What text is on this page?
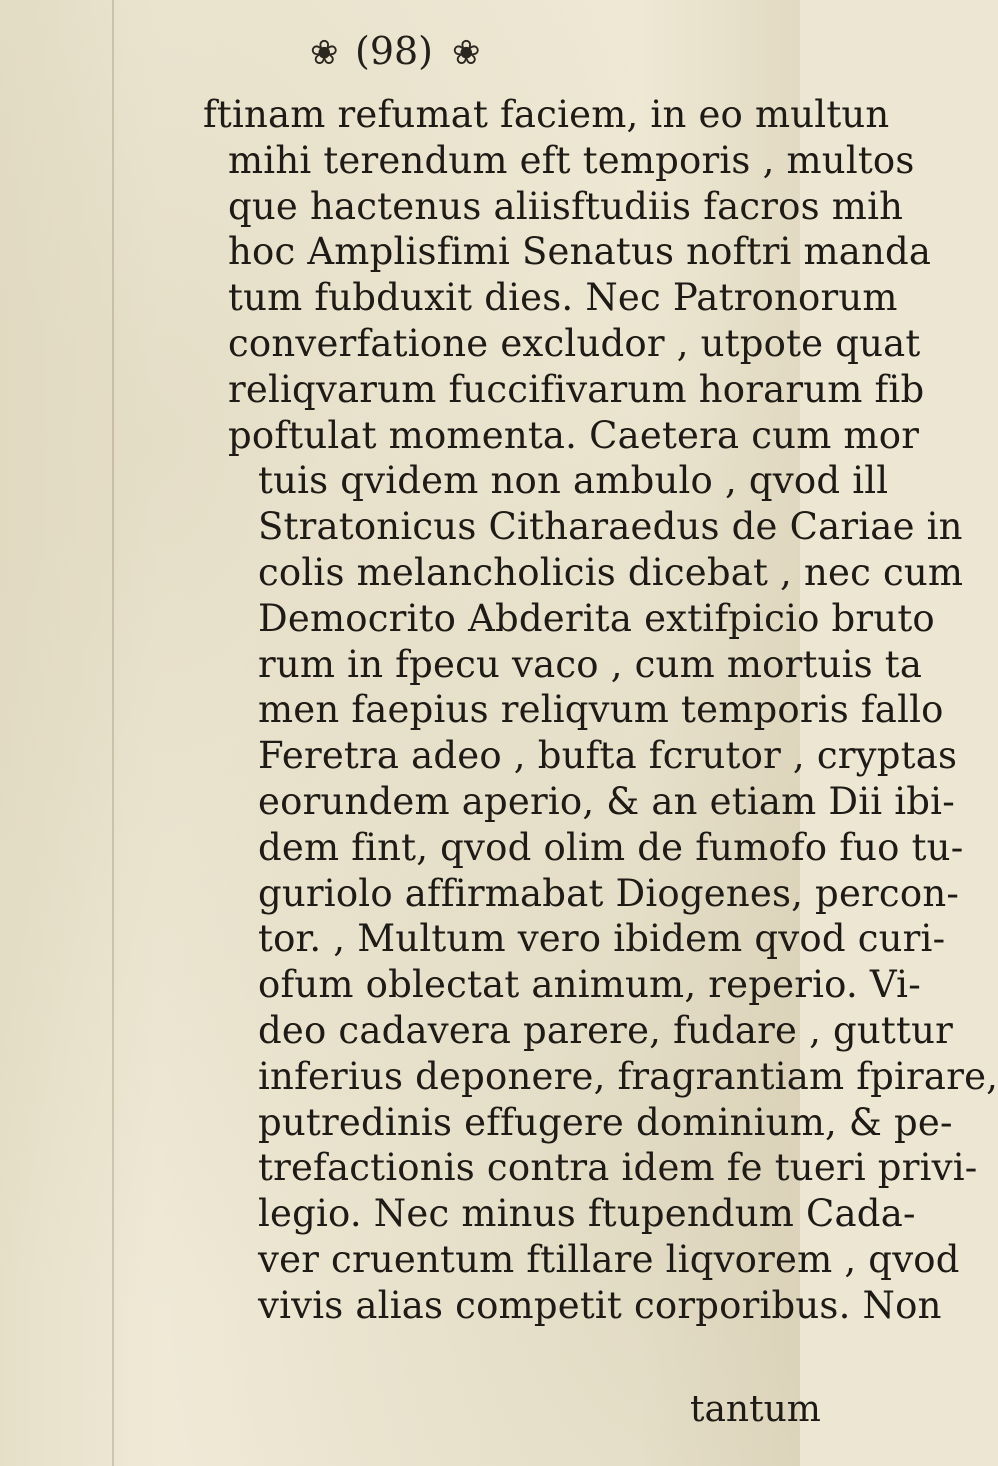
❀ (98) ❀
ftinam refumat faciem, in eo multun
mihi terendum eft temporis , multos
que hactenus aliisftudiis facros mih
hoc Amplisfimi Senatus noftri manda
tum fubduxit dies. Nec Patronorum
converfatione excludor , utpote quat
reliqvarum fuccifivarum horarum fib
poftulat momenta. Caetera cum mor
tuis qvidem non ambulo , qvod ill
Stratonicus Citharaedus de Cariae in
colis melancholicis dicebat , nec cum
Democrito Abderita extifpicio bruto
rum in fpecu vaco , cum mortuis ta
men faepius reliqvum temporis fallo
Feretra adeo , bufta fcrutor , cryptas
eorundem aperio, & an etiam Dii ibi-
dem fint, qvod olim de fumofo fuo tu-
guriolo affirmabat Diogenes, percon-
tor. , Multum vero ibidem qvod curi-
ofum oblectat animum, reperio. Vi-
deo cadavera parere, fudare , guttur
inferius deponere, fragrantiam fpirare,
putredinis effugere dominium, & pe-
trefactionis contra idem fe tueri privi-
legio. Nec minus ftupendum Cada-
ver cruentum ftillare liqvorem , qvod
vivis alias competit corporibus. Non
tantum
